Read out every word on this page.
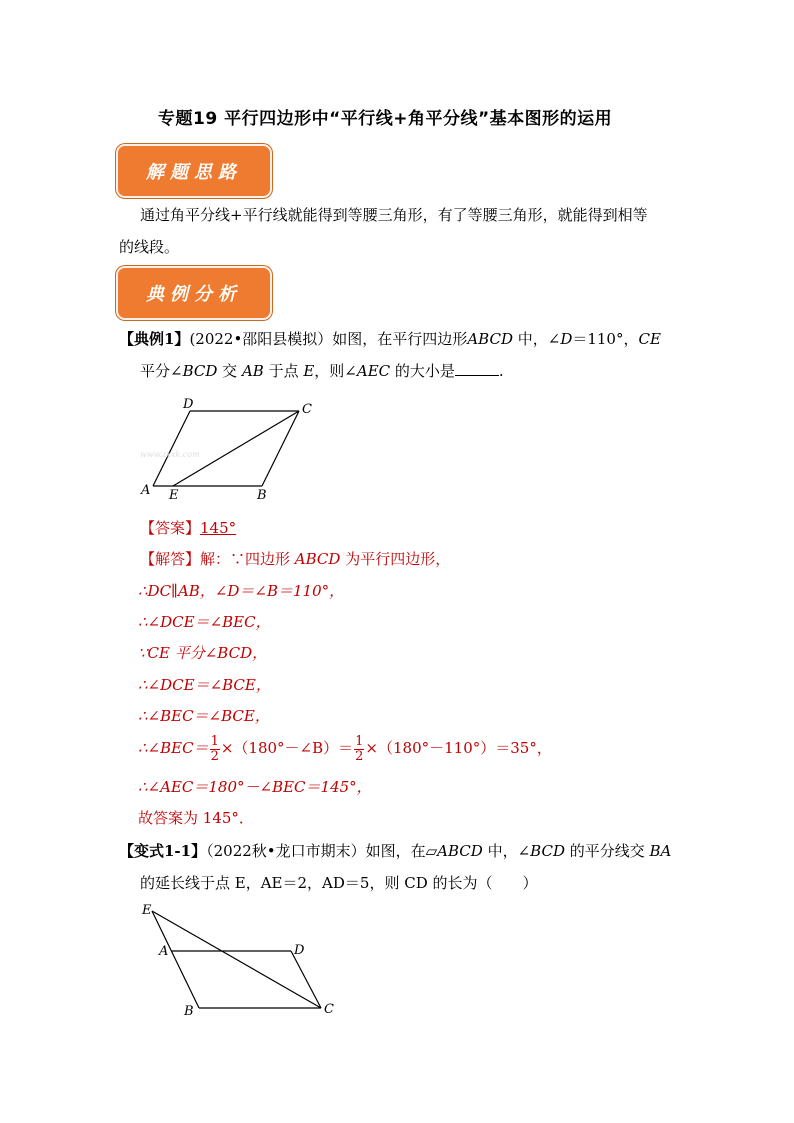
专题19 平行四边形中“平行线+角平分线”基本图形的运用
解题思路
通过角平分线+平行线就能得到等腰三角形，有了等腰三角形，就能得到相等
的线段。
典例分析
【典例1】(2022•邵阳县模拟）如图，在平行四边形ABCD 中，∠D＝110°，CE
平分∠BCD 交 AB 于点 E，则∠AEC 的大小是	.
A E	B
D	C
www.zxxk.com
【答案】145°
【解答】解：∵四边形 ABCD 为平行四边形，
∴DC∥AB，∠D＝∠B＝110°，
∴∠DCE＝∠BEC，
∵CE 平分∠BCD，
∴∠DCE＝∠BCE，
∴∠BEC＝∠BCE，
∴∠BEC＝ $\frac{1}{2}$ ×（180°－∠B）＝ $\frac{1}{2} \times(180^\circ-110^\circ)=35^\circ$，
∴∠AEC＝180°－∠BEC＝145°，
故答案为 145°．
【变式1-1】（2022秋•龙口市期末）如图，在▱ABCD 中，∠BCD 的平分线交 BA
的延长线于点 E，AE＝2，AD＝5，则 CD 的长为（　　）
E
A	D
B	C
